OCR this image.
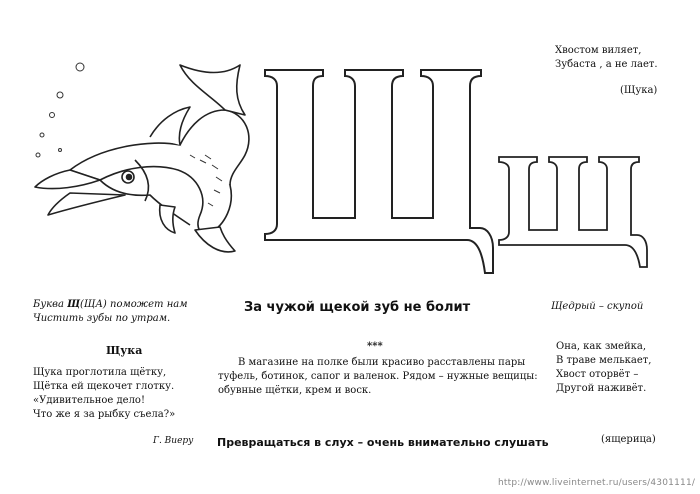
Хвостом виляет,
Зубаста , а не лает.
(Щука)
Буква Щ(ЩА) поможет нам
Чистить зубы по утрам.
За чужой щекой зуб не болит	Щедрый – скупой
Щука
Щука проглотила щётку,
Щётка ей щекочет глотку.
«Удивительное дело!
Что же я за рыбку съела?»
Г. Виеру
***
В магазине на полке были красиво расставлены пары
туфель, ботинок, сапог и валенок. Рядом – нужные вещицы:
обувные щётки, крем и воск.
Она, как змейка,
В траве мелькает,
Хвост оторвёт –
Другой наживёт.
(ящерица)
Превращаться в слух – очень внимательно слушать
http://www.liveinternet.ru/users/4301111/
